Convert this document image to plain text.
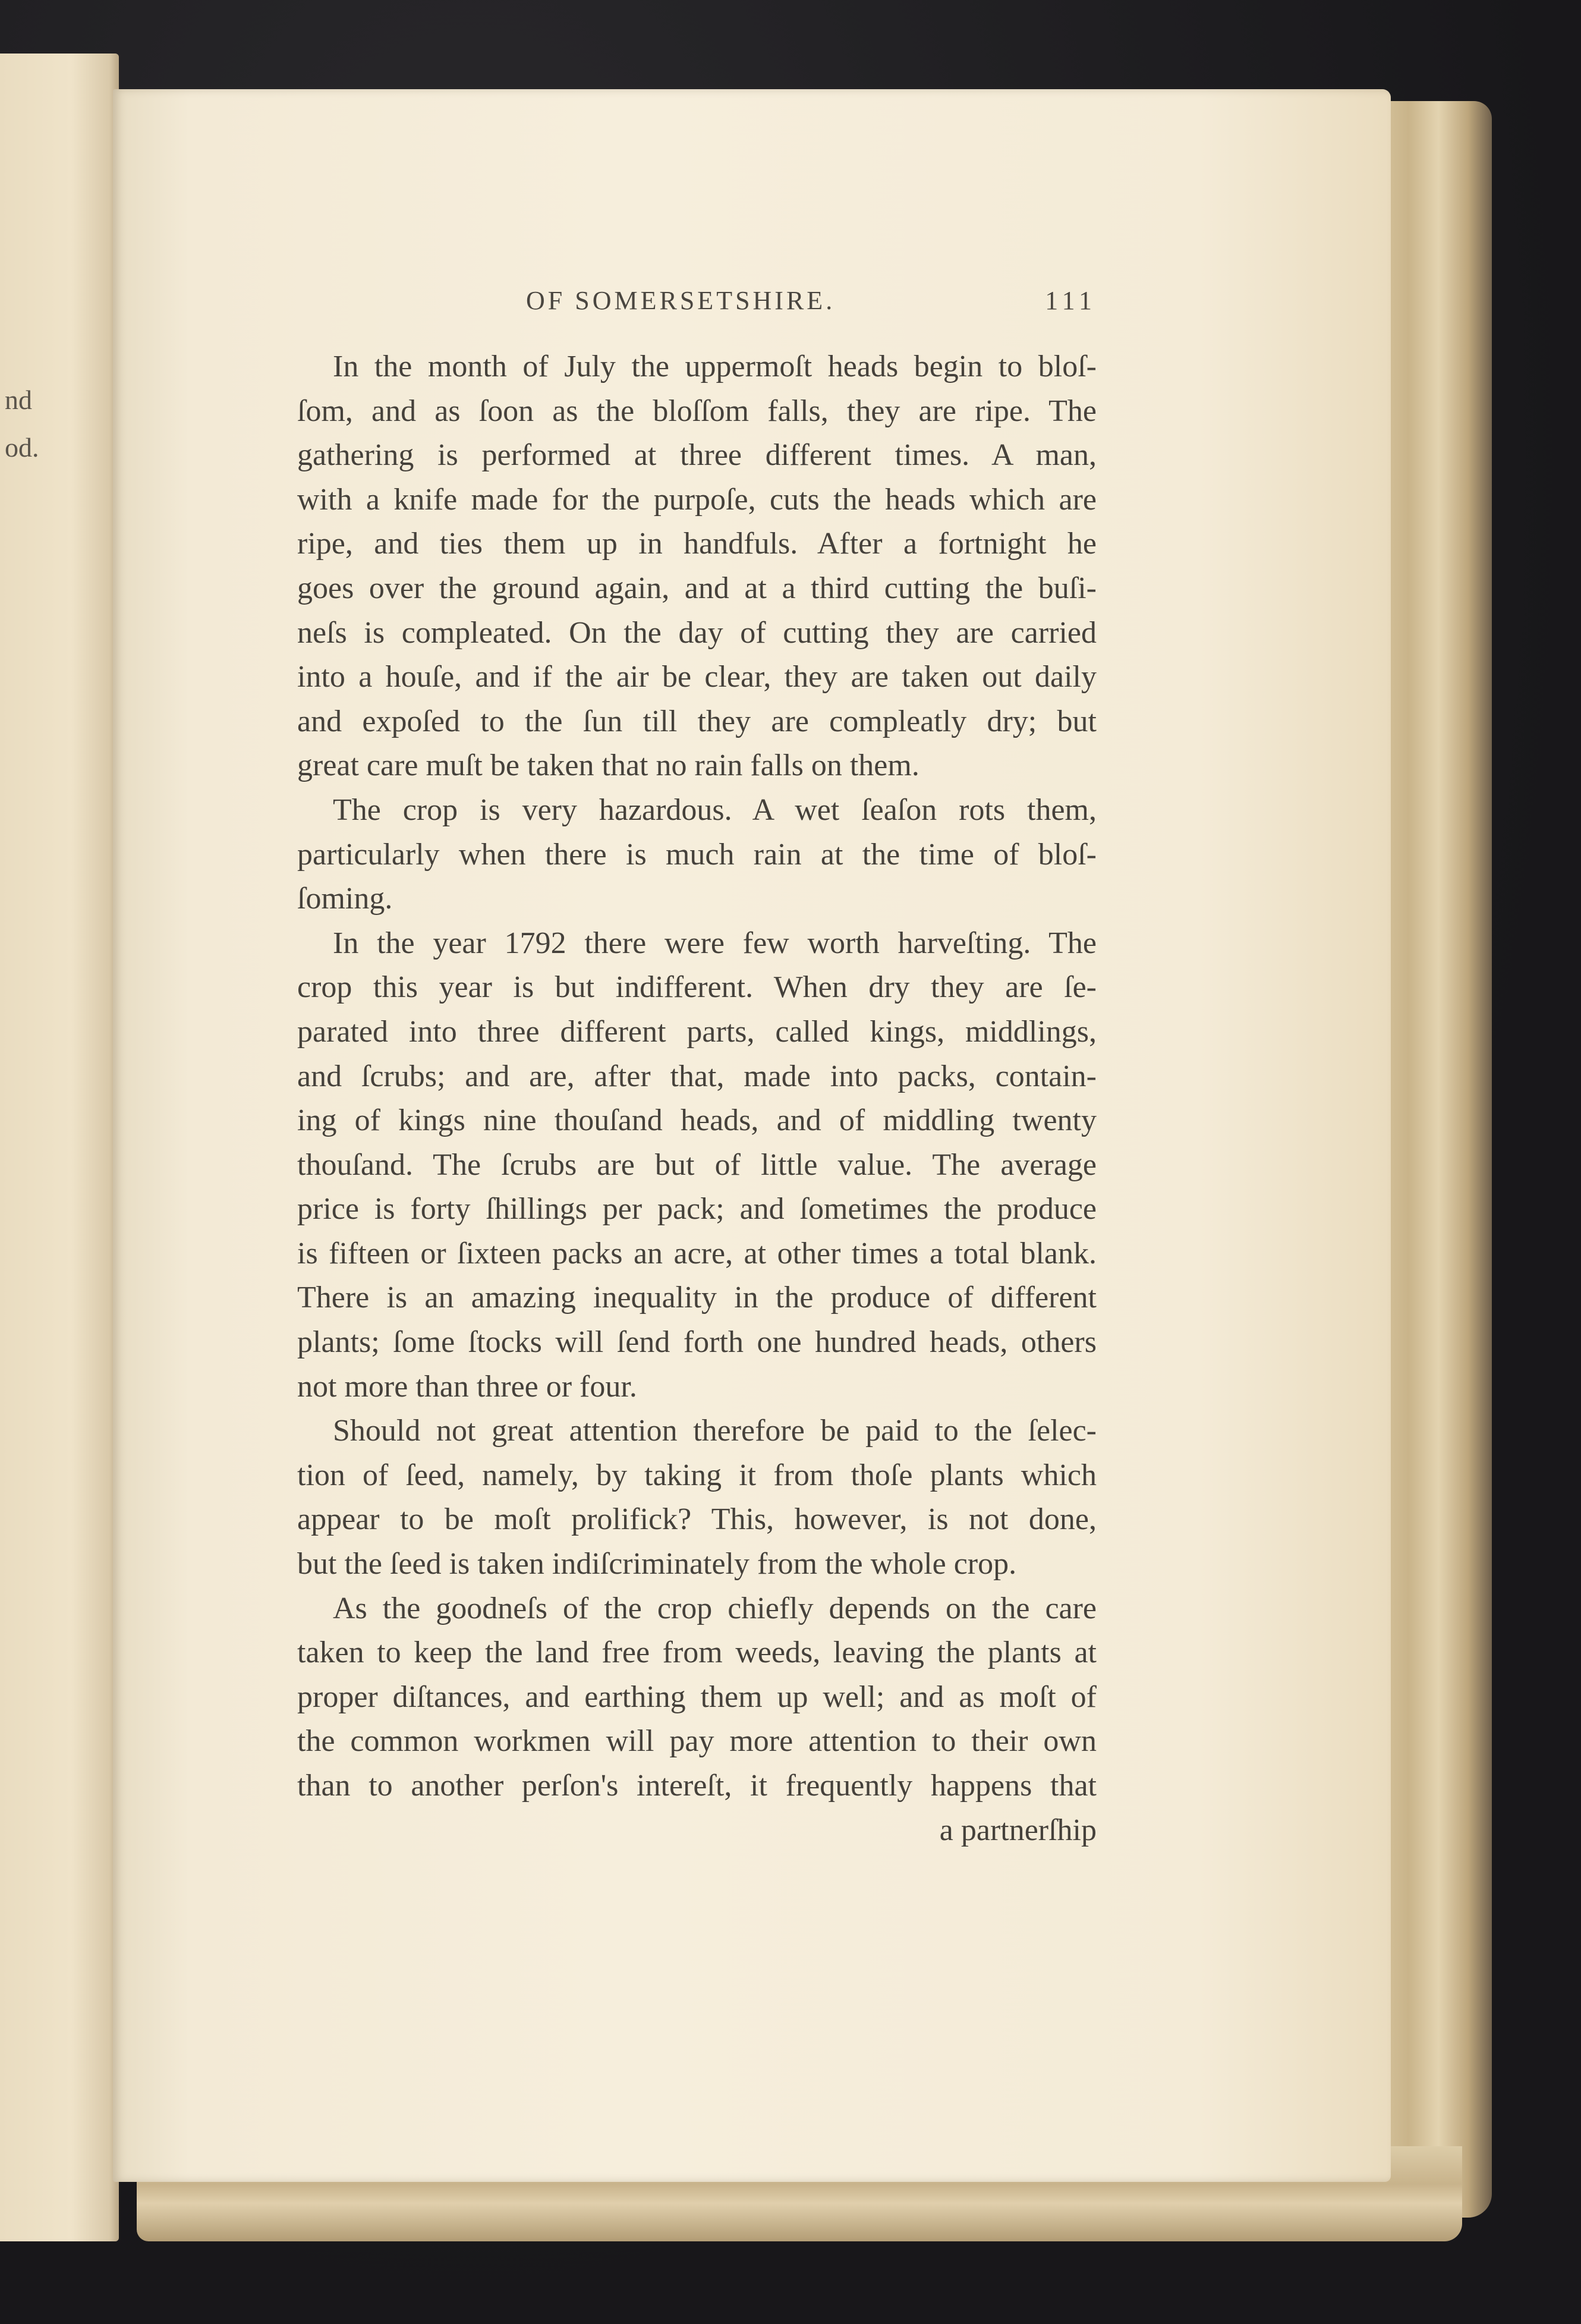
nd
od.
OF SOMERSETSHIRE.	111
In the month of July the uppermoſt heads begin to bloſ-
ſom, and as ſoon as the bloſſom falls, they are ripe. The
gathering is performed at three different times. A man,
with a knife made for the purpoſe, cuts the heads which are
ripe, and ties them up in handfuls. After a fortnight he
goes over the ground again, and at a third cutting the buſi-
neſs is compleated. On the day of cutting they are carried
into a houſe, and if the air be clear, they are taken out daily
and expoſed to the ſun till they are compleatly dry; but
great care muſt be taken that no rain falls on them.
The crop is very hazardous. A wet ſeaſon rots them,
particularly when there is much rain at the time of bloſ-
ſoming.
In the year 1792 there were few worth harveſting. The
crop this year is but indifferent. When dry they are ſe-
parated into three different parts, called kings, middlings,
and ſcrubs; and are, after that, made into packs, contain-
ing of kings nine thouſand heads, and of middling twenty
thouſand. The ſcrubs are but of little value. The average
price is forty ſhillings per pack; and ſometimes the produce
is fifteen or ſixteen packs an acre, at other times a total blank.
There is an amazing inequality in the produce of different
plants; ſome ſtocks will ſend forth one hundred heads, others
not more than three or four.
Should not great attention therefore be paid to the ſelec-
tion of ſeed, namely, by taking it from thoſe plants which
appear to be moſt prolifick? This, however, is not done,
but the ſeed is taken indiſcriminately from the whole crop.
As the goodneſs of the crop chiefly depends on the care
taken to keep the land free from weeds, leaving the plants at
proper diſtances, and earthing them up well; and as moſt of
the common workmen will pay more attention to their own
than to another perſon's intereſt, it frequently happens that
a partnerſhip
